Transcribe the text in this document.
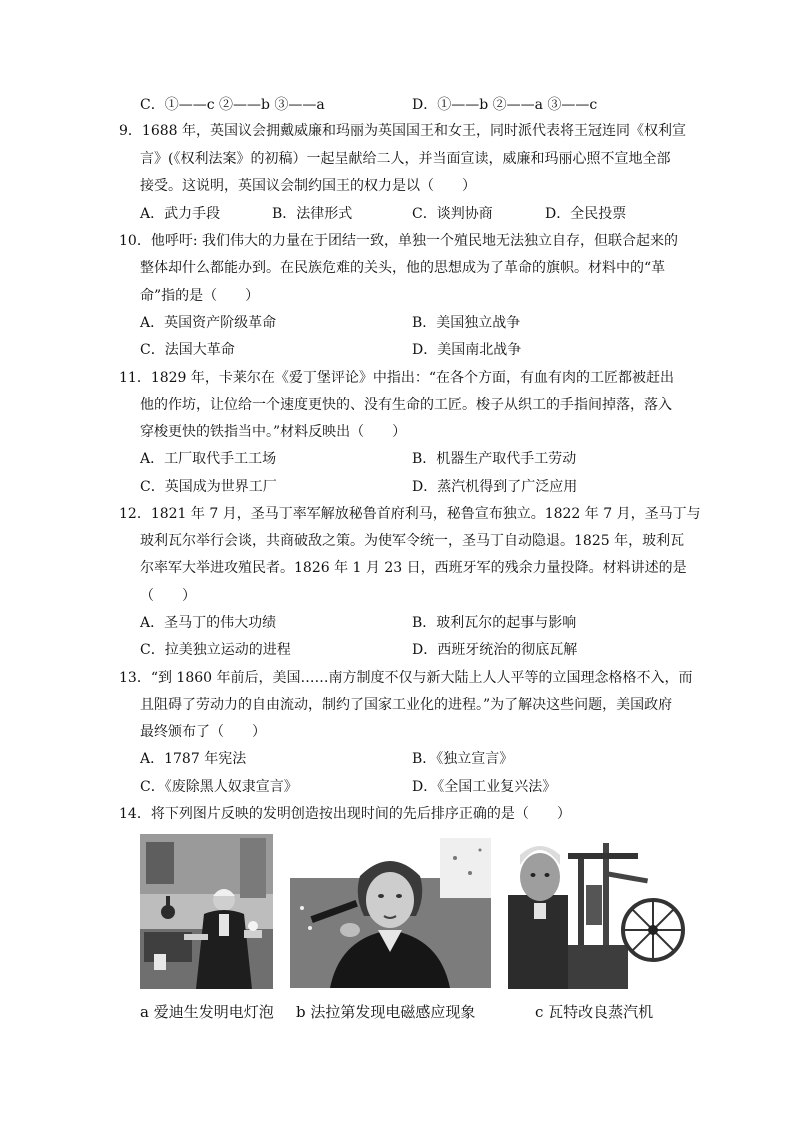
C．①——c ②——b ③——a	D．①——b ②——a ③——c
9．1688 年，英国议会拥戴威廉和玛丽为英国国王和女王，同时派代表将王冠连同《权利宣
言》(《权利法案》的初稿）一起呈献给二人，并当面宣读，威廉和玛丽心照不宣地全部
接受。这说明，英国议会制约国王的权力是以（　　）
A．武力手段	B．法律形式	C．谈判协商	D．全民投票
10．他呼吁: 我们伟大的力量在于团结一致，单独一个殖民地无法独立自存，但联合起来的
整体却什么都能办到。在民族危难的关头，他的思想成为了革命的旗帜。材料中的“革
命”指的是（　　）
A．英国资产阶级革命	B．美国独立战争
C．法国大革命	D．美国南北战争
11．1829 年，卡莱尔在《爱丁堡评论》中指出：“在各个方面，有血有肉的工匠都被赶出
他的作坊，让位给一个速度更快的、没有生命的工匠。梭子从织工的手指间掉落，落入
穿梭更快的铁指当中。”材料反映出（　　）
A．工厂取代手工工场	B．机器生产取代手工劳动
C．英国成为世界工厂	D．蒸汽机得到了广泛应用
12．1821 年 7 月，圣马丁率军解放秘鲁首府利马，秘鲁宣布独立。1822 年 7 月，圣马丁与
玻利瓦尔举行会谈，共商破敌之策。为使军令统一，圣马丁自动隐退。1825 年，玻利瓦
尔率军大举进攻殖民者。1826 年 1 月 23 日，西班牙军的残余力量投降。材料讲述的是
（　　）
A．圣马丁的伟大功绩	B．玻利瓦尔的起事与影响
C．拉美独立运动的进程	D．西班牙统治的彻底瓦解
13．“到 1860 年前后，美国……南方制度不仅与新大陆上人人平等的立国理念格格不入，而
且阻碍了劳动力的自由流动，制约了国家工业化的进程。”为了解决这些问题，美国政府
最终颁布了（　　）
A．1787 年宪法	B．《独立宣言》
C．《废除黑人奴隶宣言》	D．《全国工业复兴法》
14．将下列图片反映的发明创造按出现时间的先后排序正确的是（　　）
a 爱迪生发明电灯泡 b 法拉第发现电磁感应现象	c 瓦特改良蒸汽机
